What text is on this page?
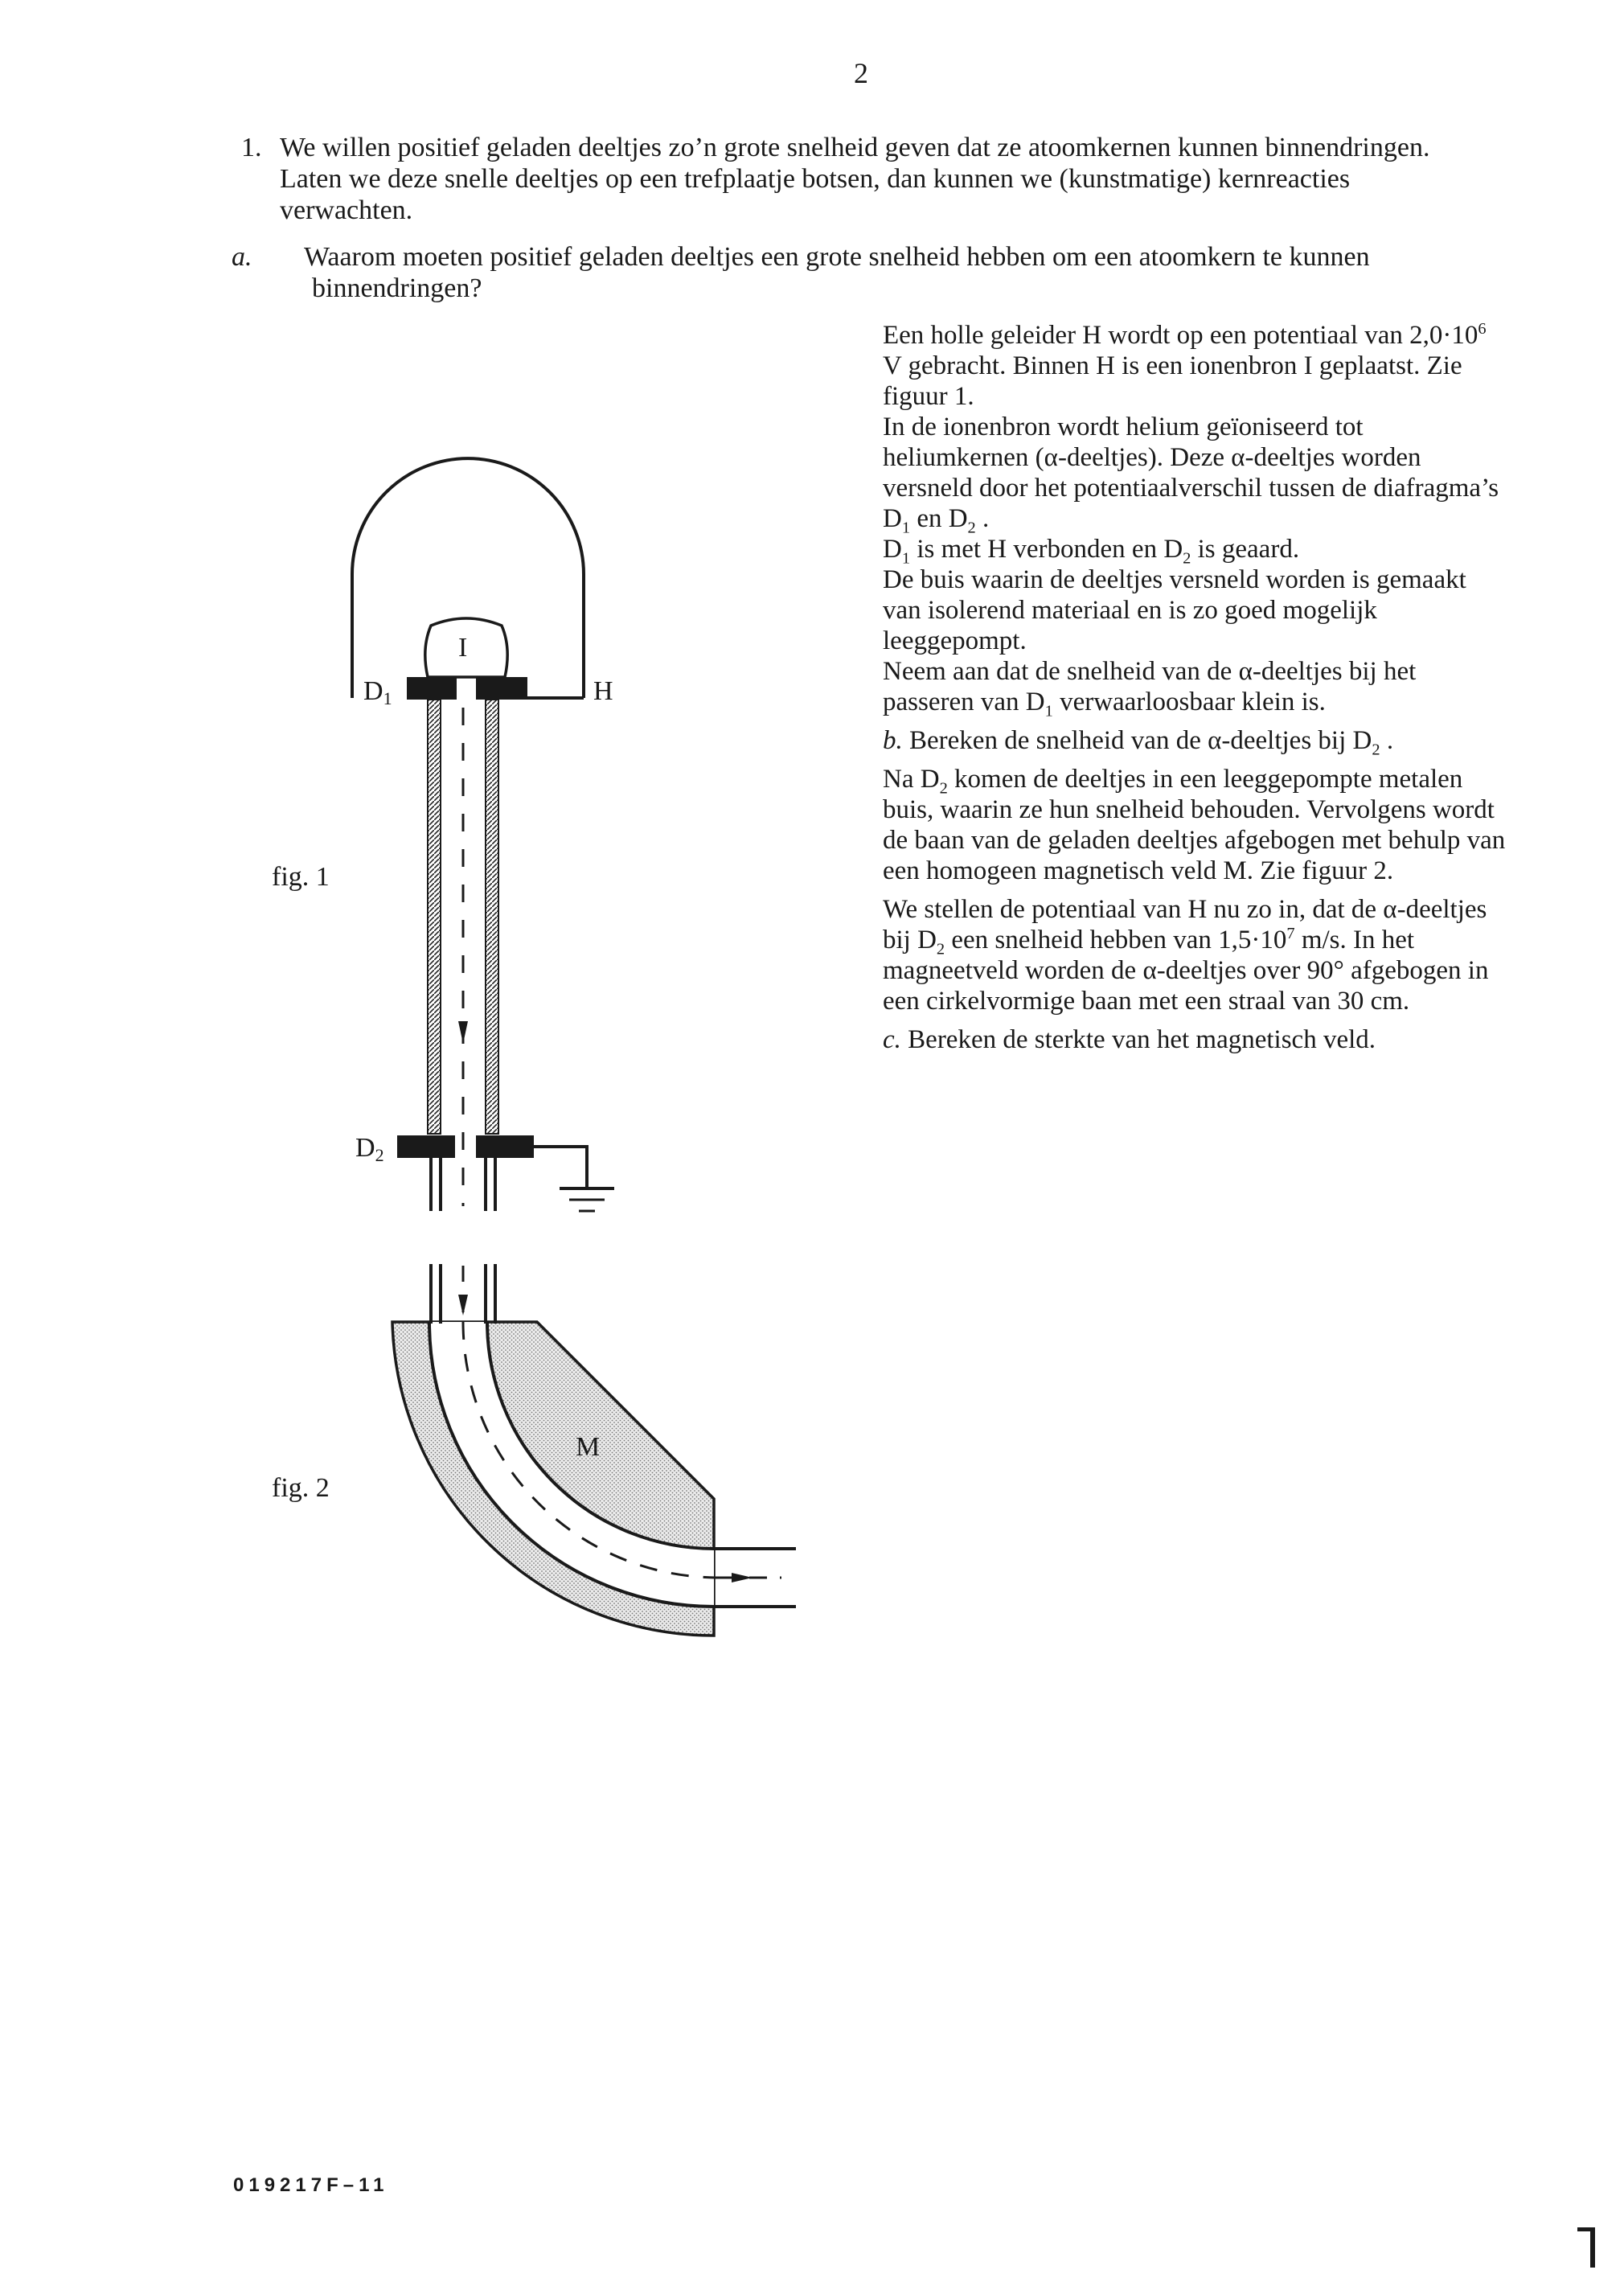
2
1. We willen positief geladen deeltjes zo’n grote snelheid geven dat ze atoomkernen kunnen binnendringen. Laten we deze snelle deeltjes op een trefplaatje botsen, dan kunnen we (kunstmatige) kernreacties verwachten.
a. Waarom moeten positief geladen deeltjes een grote snelheid hebben om een atoomkern te kunnen binnendringen?

Een holle geleider H wordt op een potentiaal van $2,0\cdot 10^6$ V gebracht. Binnen H is een ionenbron I geplaatst. Zie figuur 1.

In de ionenbron wordt helium geïoniseerd tot heliumkernen (α-deeltjes). Deze α-deeltjes worden versneld door het potentiaalverschil tussen de diafragma’s $D_1$ en $D_2$ .

$D_1$ is met H verbonden en $D_2$ is geaard.

De buis waarin de deeltjes versneld worden is gemaakt van isolerend materiaal en is zo goed mogelijk leeggepompt.

Neem aan dat de snelheid van de α-deeltjes bij het passeren van $D_1$ verwaarloosbaar klein is.

b. Bereken de snelheid van de α-deeltjes bij $D_2$ .

Na $D_2$ komen de deeltjes in een leeggepompte metalen buis, waarin ze hun snelheid behouden. Vervolgens wordt de baan van de geladen deeltjes afgebogen met behulp van een homogeen magnetisch veld M. Zie figuur 2.

We stellen de potentiaal van H nu zo in, dat de α-deeltjes bij $D_2$ een snelheid hebben van $1,5\cdot 10^7$ m/s. In het magneetveld worden de α-deeltjes over 90° afgebogen in een cirkelvormige baan met een straal van 30 cm.

c. Bereken de sterkte van het magnetisch veld.

fig. 1
fig. 2
I
H
D1
D2
M
019217F–11
